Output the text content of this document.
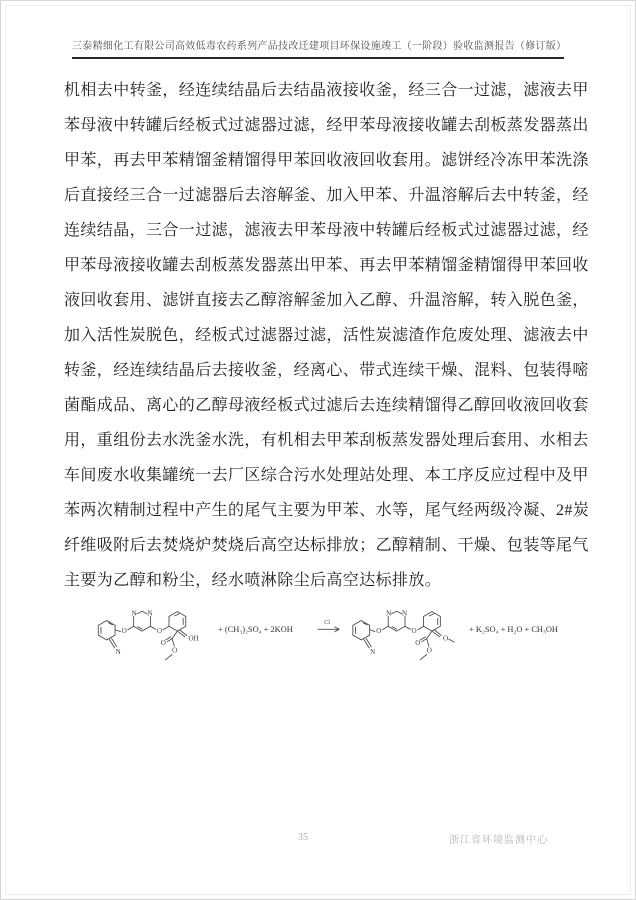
三泰精细化工有限公司高效低毒农药系列产品技改迁建项目环保设施竣工（一阶段）验收监测报告（修订版）
机相去中转釜，经连续结晶后去结晶液接收釜，经三合一过滤，滤液去甲
苯母液中转罐后经板式过滤器过滤，经甲苯母液接收罐去刮板蒸发器蒸出
甲苯，再去甲苯精馏釜精馏得甲苯回收液回收套用。滤饼经冷冻甲苯洗涤
后直接经三合一过滤器后去溶解釜、加入甲苯、升温溶解后去中转釜，经
连续结晶，三合一过滤，滤液去甲苯母液中转罐后经板式过滤器过滤，经
甲苯母液接收罐去刮板蒸发器蒸出甲苯、再去甲苯精馏釜精馏得甲苯回收
液回收套用、滤饼直接去乙醇溶解釜加入乙醇、升温溶解，转入脱色釜，
加入活性炭脱色，经板式过滤器过滤，活性炭滤渣作危废处理、滤液去中
转釜，经连续结晶后去接收釜，经离心、带式连续干燥、混料、包装得嘧
菌酯成品、离心的乙醇母液经板式过滤后去连续精馏得乙醇回收液回收套
用，重组份去水洗釜水洗，有机相去甲苯刮板蒸发器处理后套用、水相去
车间废水收集罐统一去厂区综合污水处理站处理、本工序反应过程中及甲
苯两次精制过程中产生的尾气主要为甲苯、水等，尾气经两级冷凝、2#炭
纤维吸附后去焚烧炉焚烧后高空达标排放；乙醇精制、干燥、包装等尾气
主要为乙醇和粉尘，经水喷淋除尘后高空达标排放。
N
O
N N
O
O
O
OH
+ (CH₃)₂SO₄ + 2KOH
Cl
N
O
N N
O
O
O
O
+ K₂SO₄ + H₂O + CH₃OH
35	浙江省环境监测中心
